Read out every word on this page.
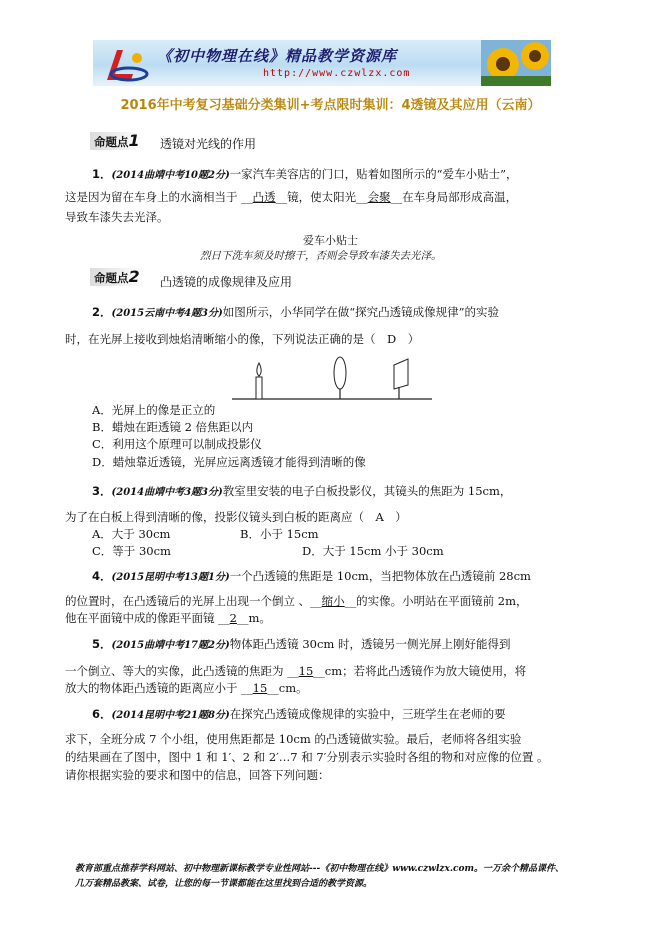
《初中物理在线》精品教学资源库
http://www.czwlzx.com
2016年中考复习基础分类集训+考点限时集训：4透镜及其应用（云南）
命题点1	透镜对光线的作用
1．(2014曲靖中考10题2分)一家汽车美容店的门口，贴着如图所示的“爱车小贴士”，
这是因为留在车身上的水滴相当于 __凸透__镜，使太阳光__会聚__在车身局部形成高温，
导致车漆失去光泽。
爱车小贴士
烈日下洗车须及时擦干，否则会导致车漆失去光泽。
命题点2	凸透镜的成像规律及应用
2．(2015云南中考4题3分)如图所示，小华同学在做“探究凸透镜成像规律”的实验
时，在光屏上接收到烛焰清晰缩小的像，下列说法正确的是（　D　）
A．光屏上的像是正立的
B．蜡烛在距透镜 2 倍焦距以内
C．利用这个原理可以制成投影仪
D．蜡烛靠近透镜，光屏应远离透镜才能得到清晰的像
3．(2014曲靖中考3题3分)教室里安装的电子白板投影仪，其镜头的焦距为 15cm，
为了在白板上得到清晰的像，投影仪镜头到白板的距离应（　A　）
A．大于 30cm	B．小于 15cm
C．等于 30cm	D．大于 15cm 小于 30cm
4．(2015昆明中考13题1分)一个凸透镜的焦距是 10cm，当把物体放在凸透镜前 28cm
的位置时，在凸透镜后的光屏上出现一个倒立 、__缩小__的实像。小明站在平面镜前 2m，
他在平面镜中成的像距平面镜 __2__m。
5．(2015曲靖中考17题2分)物体距凸透镜 30cm 时，透镜另一侧光屏上刚好能得到
一个倒立、等大的实像，此凸透镜的焦距为 __15__cm；若将此凸透镜作为放大镜使用，将
放大的物体距凸透镜的距离应小于 __15__cm。
6．(2014昆明中考21题8分)在探究凸透镜成像规律的实验中，三班学生在老师的要
求下，全班分成 7 个小组，使用焦距都是 10cm 的凸透镜做实验。最后，老师将各组实验
的结果画在了图中，图中 1 和 1′、2 和 2′…7 和 7′分别表示实验时各组的物和对应像的位置 。
请你根据实验的要求和图中的信息，回答下列问题：
教育部重点推荐学科网站、初中物理新课标教学专业性网站---《初中物理在线》www.czwlzx.com。一万余个精品课件、
几万套精品教案、试卷，让您的每一节课都能在这里找到合适的教学资源。
